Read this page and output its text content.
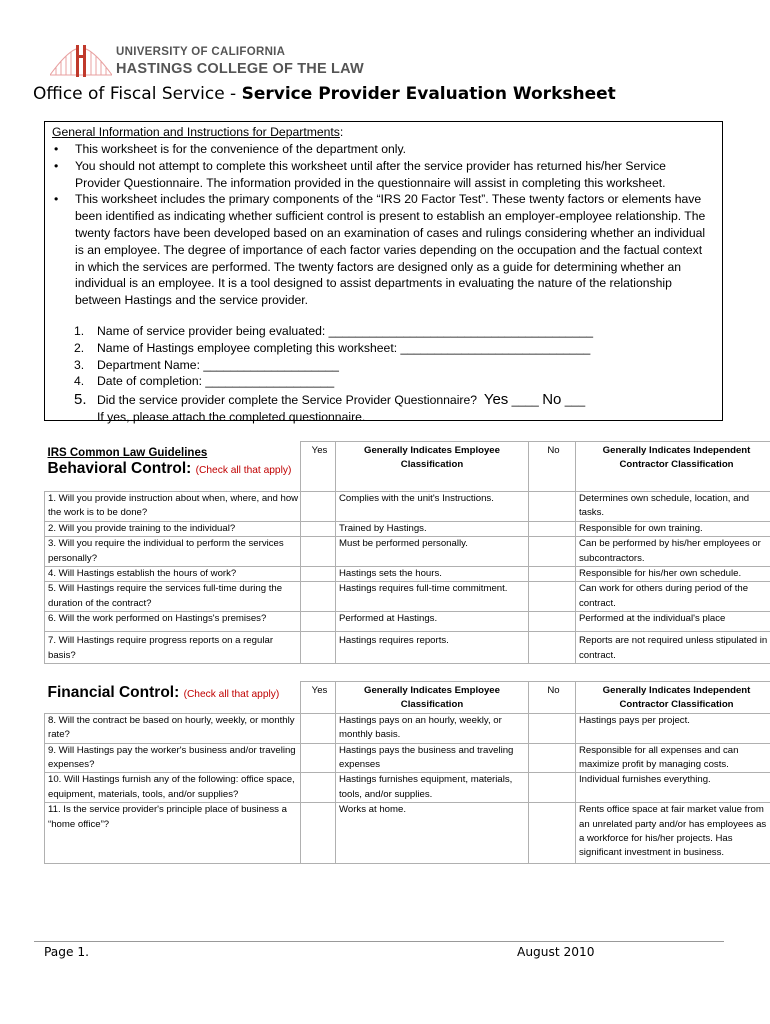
UNIVERSITY OF CALIFORNIA
HASTINGS COLLEGE OF THE LAW
Office of Fiscal Service - Service Provider Evaluation Worksheet
General Information and Instructions for Departments:
• This worksheet is for the convenience of the department only.
• You should not attempt to complete this worksheet until after the service provider has returned his/her Service Provider Questionnaire. The information provided in the questionnaire will assist in completing this worksheet.
• This worksheet includes the primary components of the “IRS 20 Factor Test”. These twenty factors or elements have been identified as indicating whether sufficient control is present to establish an employer-employee relationship. The twenty factors have been developed based on an examination of cases and rulings considering whether an individual is an employee. The degree of importance of each factor varies depending on the occupation and the factual context in which the services are performed. The twenty factors are designed only as a guide for determining whether an individual is an employee. It is a tool designed to assist departments in evaluating the nature of the relationship between Hastings and the service provider.
1. Name of service provider being evaluated: _______________________________________
2. Name of Hastings employee completing this worksheet: ____________________________
3. Department Name: ____________________
4. Date of completion: ___________________
5. Did the service provider complete the Service Provider Questionnaire? Yes ____ No ___
If yes, please attach the completed questionnaire.
IRS Common Law Guidelines
Behavioral Control: (Check all that apply)	Yes	Generally Indicates Employee Classification	No	Generally Indicates Independent Contractor Classification
1. Will you provide instruction about when, where, and how the work is to be done?		Complies with the unit's Instructions.		Determines own schedule, location, and tasks.
2. Will you provide training to the individual?		Trained by Hastings.		Responsible for own training.
3. Will you require the individual to perform the services personally?		Must be performed personally.		Can be performed by his/her employees or subcontractors.
4. Will Hastings establish the hours of work?		Hastings sets the hours.		Responsible for his/her own schedule.
5. Will Hastings require the services full-time during the duration of the contract?		Hastings requires full-time commitment.		Can work for others during period of the contract.
6. Will the work performed on Hastings's premises?		Performed at Hastings.		Performed at the individual's place
7. Will Hastings require progress reports on a regular basis?		Hastings requires reports.		Reports are not required unless stipulated in contract.
Financial Control: (Check all that apply)	Yes	Generally Indicates Employee Classification	No	Generally Indicates Independent Contractor Classification
8. Will the contract be based on hourly, weekly, or monthly rate?		Hastings pays on an hourly, weekly, or monthly basis.		Hastings pays per project.
9. Will Hastings pay the worker's business and/or traveling expenses?		Hastings pays the business and traveling expenses		Responsible for all expenses and can maximize profit by managing costs.
10. Will Hastings furnish any of the following: office space, equipment, materials, tools, and/or supplies?		Hastings furnishes equipment, materials, tools, and/or supplies.		Individual furnishes everything.
11. Is the service provider's principle place of business a “home office”?		Works at home.		Rents office space at fair market value from an unrelated party and/or has employees as a workforce for his/her projects. Has significant investment in business.
Page 1.	August 2010
